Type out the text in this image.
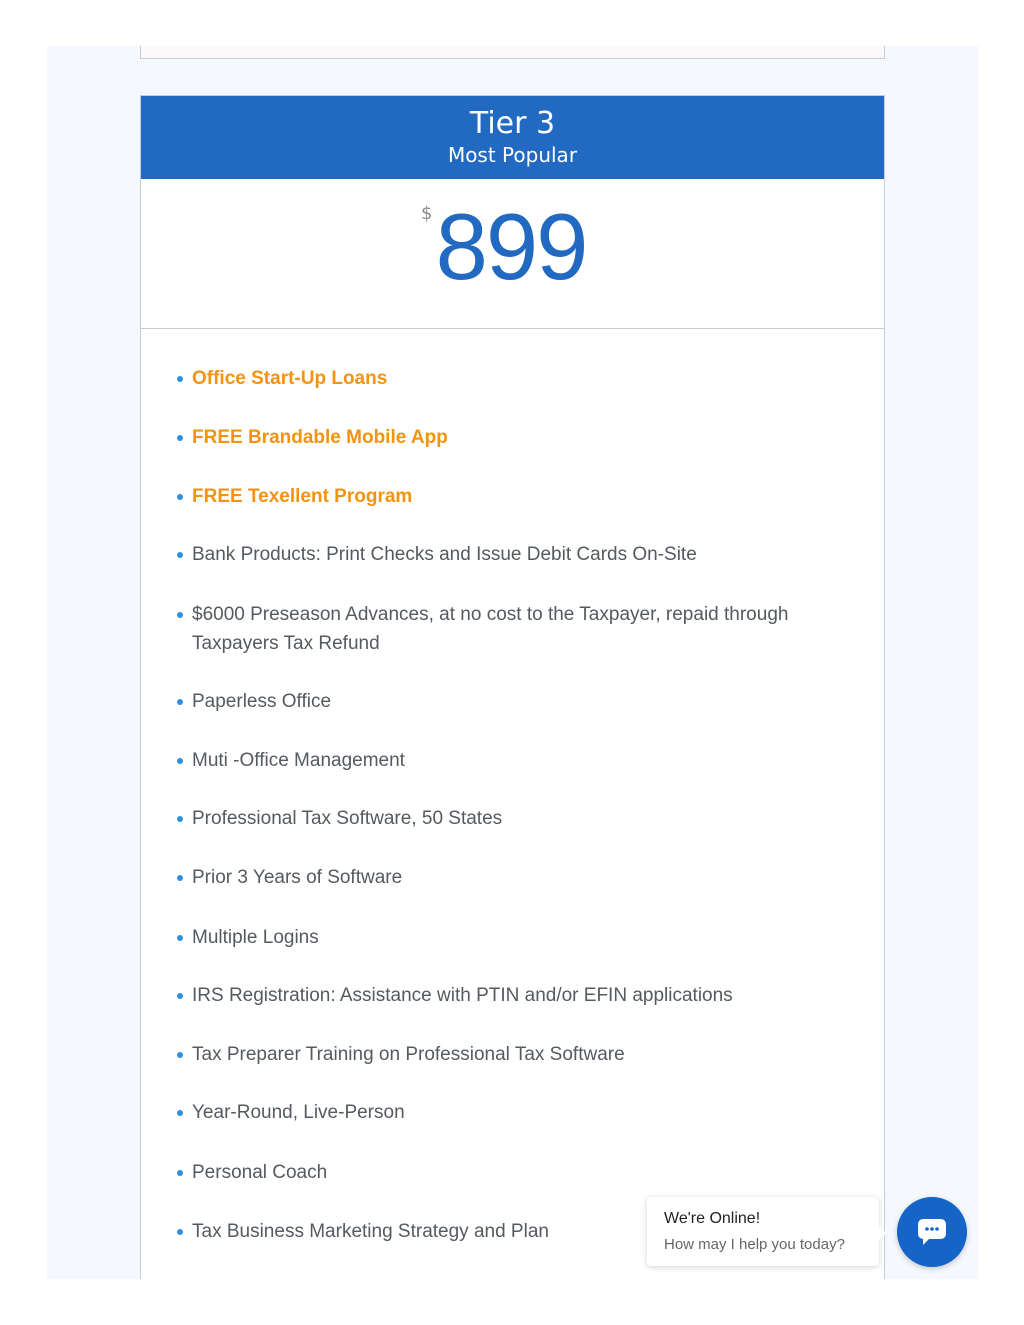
Tier 3
Most Popular
$ 899
Office Start-Up Loans
FREE Brandable Mobile App
FREE Texellent Program
Bank Products: Print Checks and Issue Debit Cards On-Site
$6000 Preseason Advances, at no cost to the Taxpayer, repaid through Taxpayers Tax Refund
Paperless Office
Muti -Office Management
Professional Tax Software, 50 States
Prior 3 Years of Software
Multiple Logins
IRS Registration: Assistance with PTIN and/or EFIN applications
Tax Preparer Training on Professional Tax Software
Year-Round, Live-Person
Personal Coach
Tax Business Marketing Strategy and Plan
We're Online!
How may I help you today?
